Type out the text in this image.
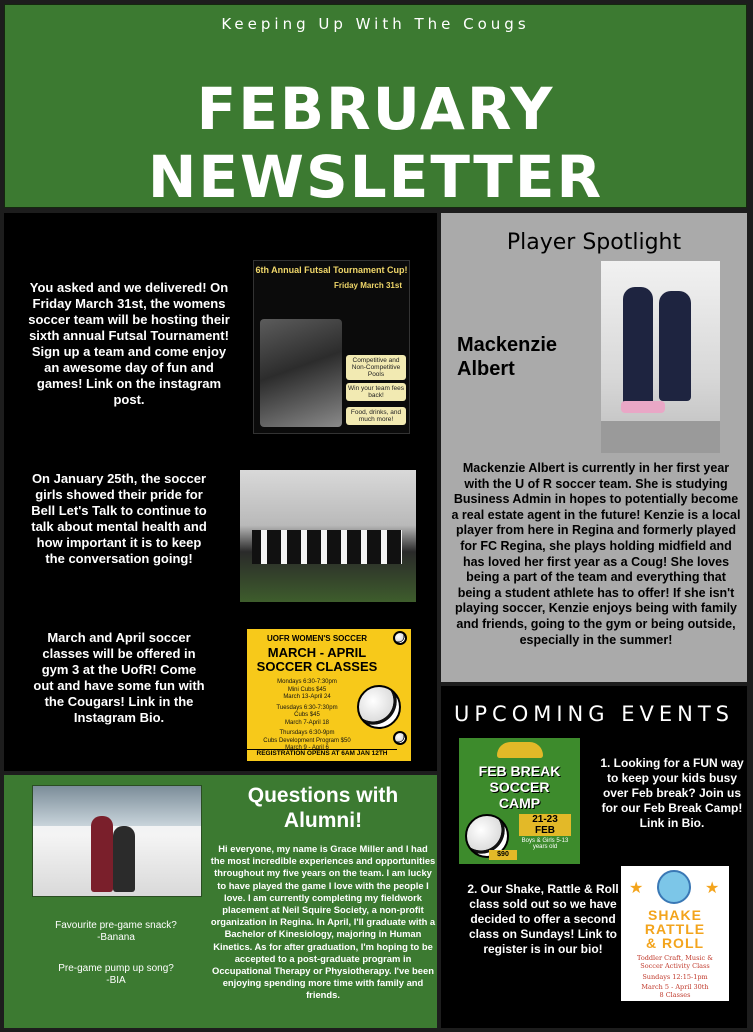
Keeping Up With The Cougs
FEBRUARY NEWSLETTER
You asked and we delivered! On Friday March 31st, the womens soccer team will be hosting their sixth annual Futsal Tournament! Sign up a team and come enjoy an awesome day of fun and games! Link on the instagram post.
6th Annual Futsal Tournament Cup!
Friday March 31st
Competitive and Non-Competitive Pools
Win your team fees back!
Food, drinks, and much more!
On January 25th, the soccer girls showed their pride for Bell Let's Talk to continue to talk about mental health and how important it is to keep the conversation going!
March and April soccer classes will be offered in gym 3 at the UofR! Come out and have some fun with the Cougars! Link in the Instagram Bio.
UOFR WOMEN'S SOCCER
MARCH - APRIL
SOCCER CLASSES
Mondays 6:30-7:30pm
Mini Cubs $45
March 13-April 24
Tuesdays 6:30-7:30pm
Cubs $45
March 7-April 18
Thursdays 6:30-9pm
Cubs Development Program $50
March 9 - April 6
REGISTRATION OPENS AT 6AM JAN 12TH
Player Spotlight
Mackenzie Albert
Mackenzie Albert is currently in her first year with the U of R soccer team. She is studying Business Admin in hopes to potentially become a real estate agent in the future! Kenzie is a local player from here in Regina and formerly played for FC Regina, she plays holding midfield and has loved her first year as a Coug! She loves being a part of the team and everything that being a student athlete has to offer! If she isn't playing soccer, Kenzie enjoys being with family and friends, going to the gym or being outside, especially in the summer!
UPCOMING EVENTS
FEB BREAK
SOCCER
CAMP
21-23
FEB
Boys & Girls 5-13 years old
$90
1. Looking for a FUN way to keep your kids busy over Feb break? Join us for our Feb Break Camp! Link in Bio.
2. Our Shake, Rattle & Roll class sold out so we have decided to offer a second class on Sundays! Link to register is in our bio!
★	★
SHAKE
RATTLE
& ROLL
Toddler Craft, Music & Soccer Activity Class
Sundays 12:15-1pm
March 5 - April 30th
8 Classes
Questions with Alumni!
Hi everyone, my name is Grace Miller and I had the most incredible experiences and opportunities throughout my five years on the team. I am lucky to have played the game I love with the people I love. I am currently completing my fieldwork placement at Neil Squire Society, a non-profit organization in Regina. In April, I'll graduate with a Bachelor of Kinesiology, majoring in Human Kinetics. As for after graduation, I'm hoping to be accepted to a post-graduate program in Occupational Therapy or Physiotherapy. I've been enjoying spending more time with family and friends.
Favourite pre-game snack?
-Banana
Pre-game pump up song?
-BIA
